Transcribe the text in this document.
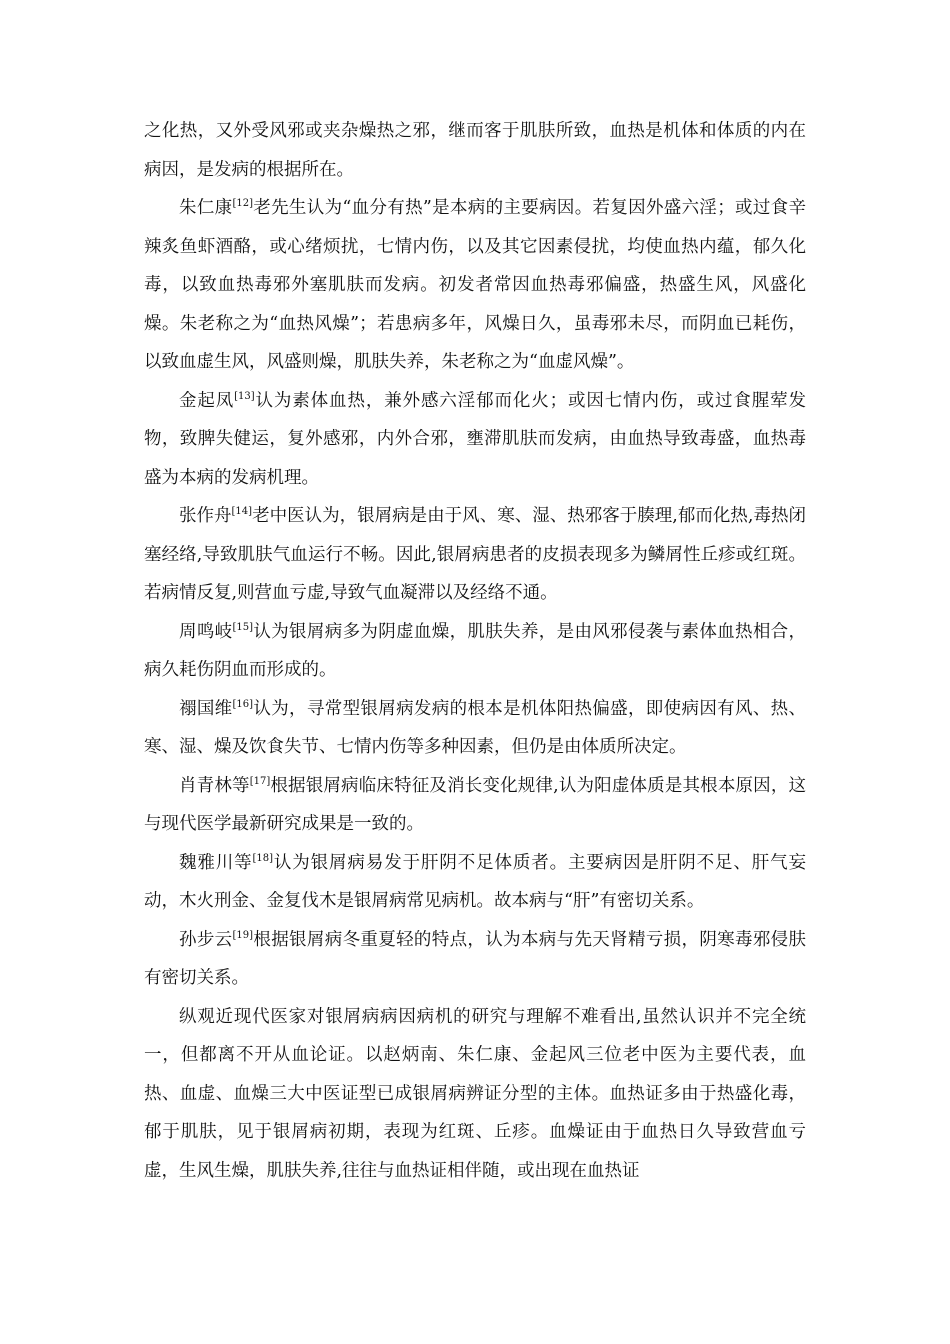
之化热，又外受风邪或夹杂燥热之邪，继而客于肌肤所致，血热是机体和体质的内在病因，是发病的根据所在。

朱仁康[12]老先生认为“血分有热”是本病的主要病因。若复因外盛六淫；或过食辛辣炙鱼虾酒酪，或心绪烦扰，七情内伤，以及其它因素侵扰，均使血热内蕴，郁久化毒，以致血热毒邪外塞肌肤而发病。初发者常因血热毒邪偏盛，热盛生风，风盛化燥。朱老称之为“血热风燥”；若患病多年，风燥日久，虽毒邪未尽，而阴血已耗伤，以致血虚生风，风盛则燥，肌肤失养，朱老称之为“血虚风燥”。

金起凤[13]认为素体血热，兼外感六淫郁而化火；或因七情内伤，或过食腥荤发物，致脾失健运，复外感邪，内外合邪，壅滞肌肤而发病，由血热导致毒盛，血热毒盛为本病的发病机理。

张作舟[14]老中医认为，银屑病是由于风、寒、湿、热邪客于腠理,郁而化热,毒热闭塞经络,导致肌肤气血运行不畅。因此,银屑病患者的皮损表现多为鳞屑性丘疹或红斑。若病情反复,则营血亏虚,导致气血凝滞以及经络不通。

周鸣岐[15]认为银屑病多为阴虚血燥，肌肤失养，是由风邪侵袭与素体血热相合，病久耗伤阴血而形成的。

禤国维[16]认为，寻常型银屑病发病的根本是机体阳热偏盛，即使病因有风、热、寒、湿、燥及饮食失节、七情内伤等多种因素，但仍是由体质所决定。

肖青林等[17]根据银屑病临床特征及消长变化规律,认为阳虚体质是其根本原因，这与现代医学最新研究成果是一致的。

魏雅川等[18]认为银屑病易发于肝阴不足体质者。主要病因是肝阴不足、肝气妄动，木火刑金、金复伐木是银屑病常见病机。故本病与“肝”有密切关系。

孙步云[19]根据银屑病冬重夏轻的特点，认为本病与先天肾精亏损，阴寒毒邪侵肤有密切关系。

纵观近现代医家对银屑病病因病机的研究与理解不难看出,虽然认识并不完全统一，但都离不开从血论证。以赵炳南、朱仁康、金起风三位老中医为主要代表，血热、血虚、血燥三大中医证型已成银屑病辨证分型的主体。血热证多由于热盛化毒，郁于肌肤，见于银屑病初期，表现为红斑、丘疹。血燥证由于血热日久导致营血亏虚，生风生燥，肌肤失养,往往与血热证相伴随，或出现在血热证
